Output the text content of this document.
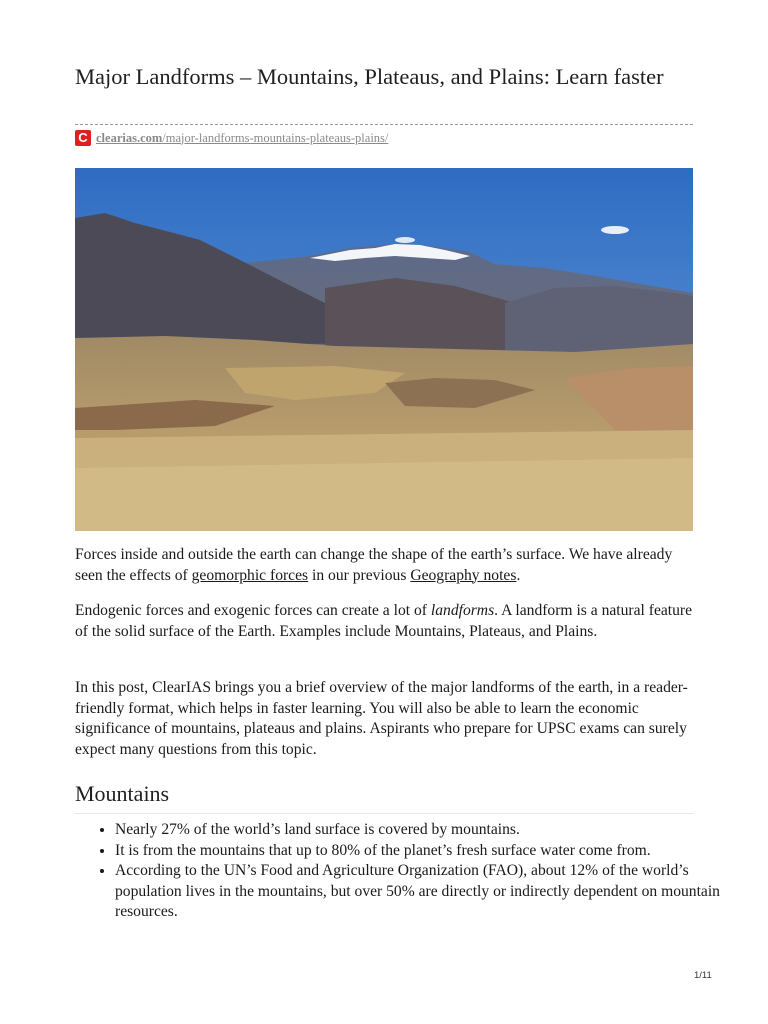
Major Landforms – Mountains, Plateaus, and Plains: Learn faster
C clearias.com /major-landforms-mountains-plateaus-plains/

Forces inside and outside the earth can change the shape of the earth’s surface. We have already seen the effects of geomorphic forces in our previous Geography notes.

Endogenic forces and exogenic forces can create a lot of landforms. A landform is a natural feature of the solid surface of the Earth. Examples include Mountains, Plateaus, and Plains.

In this post, ClearIAS brings you a brief overview of the major landforms of the earth, in a reader-friendly format, which helps in faster learning. You will also be able to learn the economic significance of mountains, plateaus and plains. Aspirants who prepare for UPSC exams can surely expect many questions from this topic.

Mountains
• Nearly 27% of the world’s land surface is covered by mountains.
• It is from the mountains that up to 80% of the planet’s fresh surface water come from.
• According to the UN’s Food and Agriculture Organization (FAO), about 12% of the world’s population lives in the mountains, but over 50% are directly or indirectly dependent on mountain resources.
1/11
